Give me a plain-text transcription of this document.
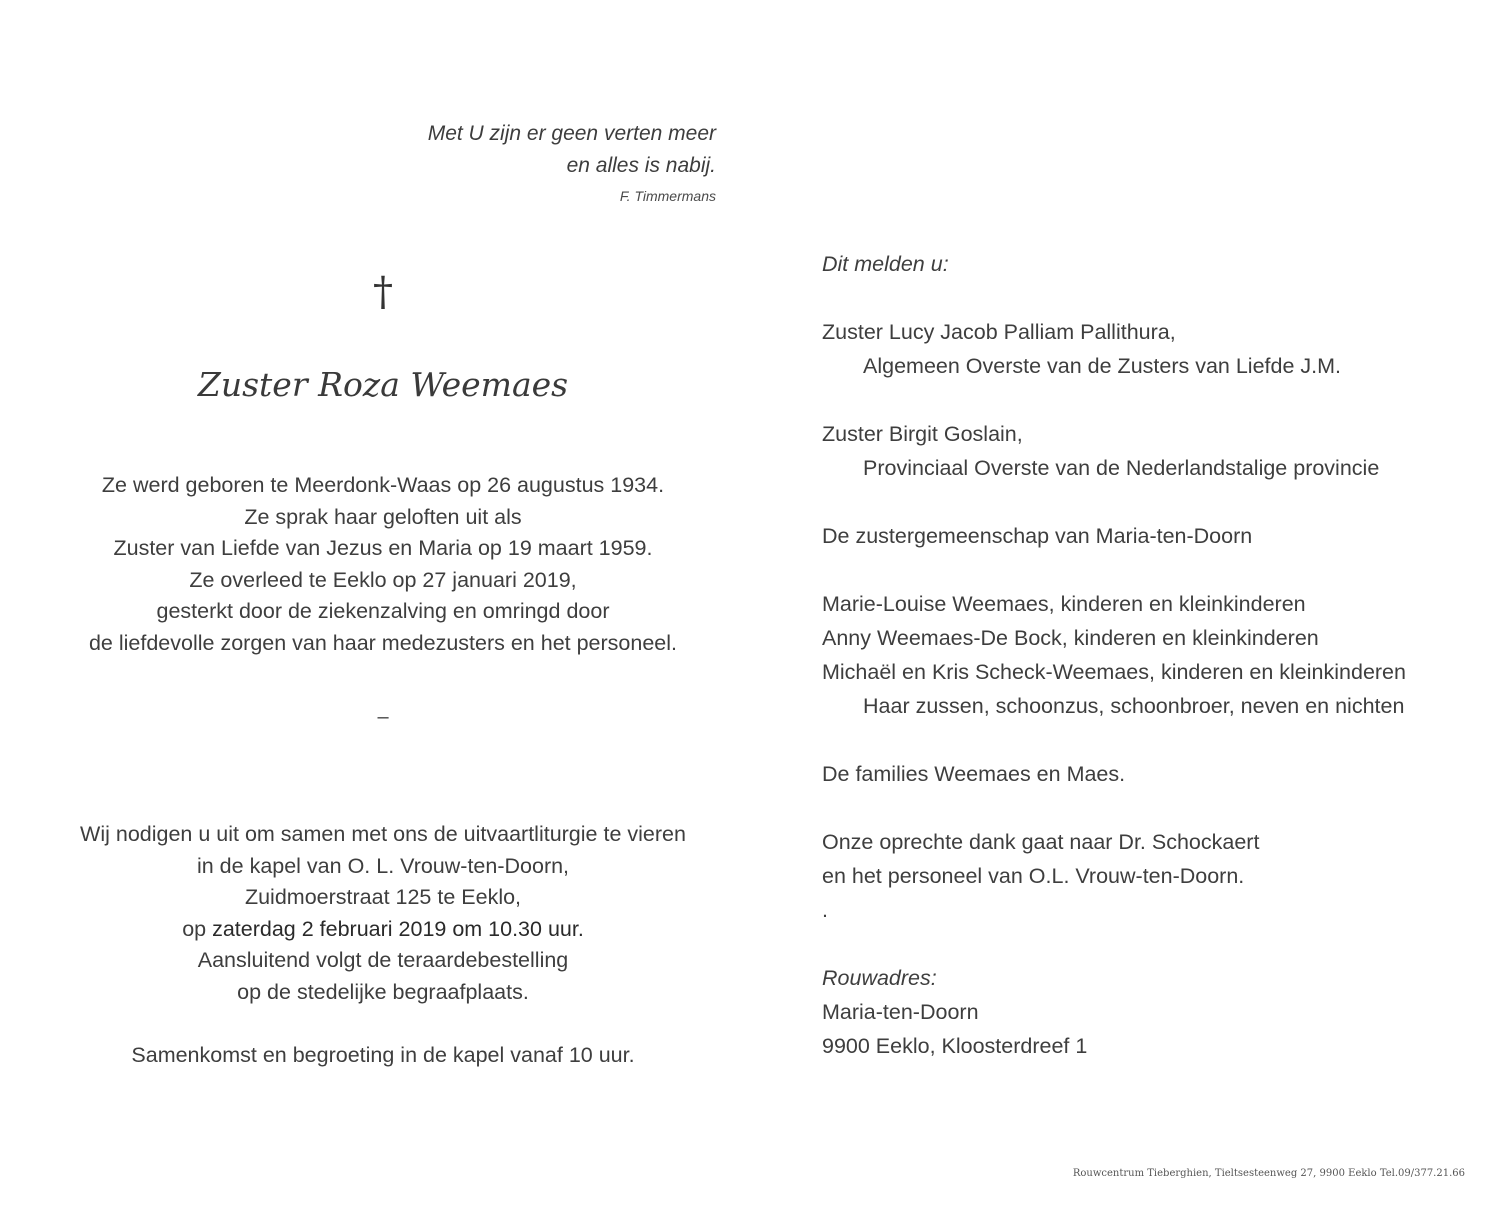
Met U zijn er geen verten meer
en alles is nabij.
F. Timmermans
†
Zuster Roza Weemaes
Ze werd geboren te Meerdonk-Waas op 26 augustus 1934.
Ze sprak haar geloften uit als
Zuster van Liefde van Jezus en Maria op 19 maart 1959.
Ze overleed te Eeklo op 27 januari 2019,
gesterkt door de ziekenzalving en omringd door
de liefdevolle zorgen van haar medezusters en het personeel.
–
Wij nodigen u uit om samen met ons de uitvaartliturgie te vieren
in de kapel van O. L. Vrouw-ten-Doorn,
Zuidmoerstraat 125 te Eeklo,
op zaterdag 2 februari 2019 om 10.30 uur.
Aansluitend volgt de teraardebestelling
op de stedelijke begraafplaats.
Samenkomst en begroeting in de kapel vanaf 10 uur.
Dit melden u:
Zuster Lucy Jacob Palliam Pallithura,
Algemeen Overste van de Zusters van Liefde J.M.
Zuster Birgit Goslain,
Provinciaal Overste van de Nederlandstalige provincie
De zustergemeenschap van Maria-ten-Doorn
Marie-Louise Weemaes, kinderen en kleinkinderen
Anny Weemaes-De Bock, kinderen en kleinkinderen
Michaël en Kris Scheck-Weemaes, kinderen en kleinkinderen
Haar zussen, schoonzus, schoonbroer, neven en nichten
De families Weemaes en Maes.
Onze oprechte dank gaat naar Dr. Schockaert
en het personeel van O.L. Vrouw-ten-Doorn.
.
Rouwadres:
Maria-ten-Doorn
9900 Eeklo, Kloosterdreef 1
Rouwcentrum Tieberghien, Tieltsesteenweg 27, 9900 Eeklo Tel.09/377.21.66
